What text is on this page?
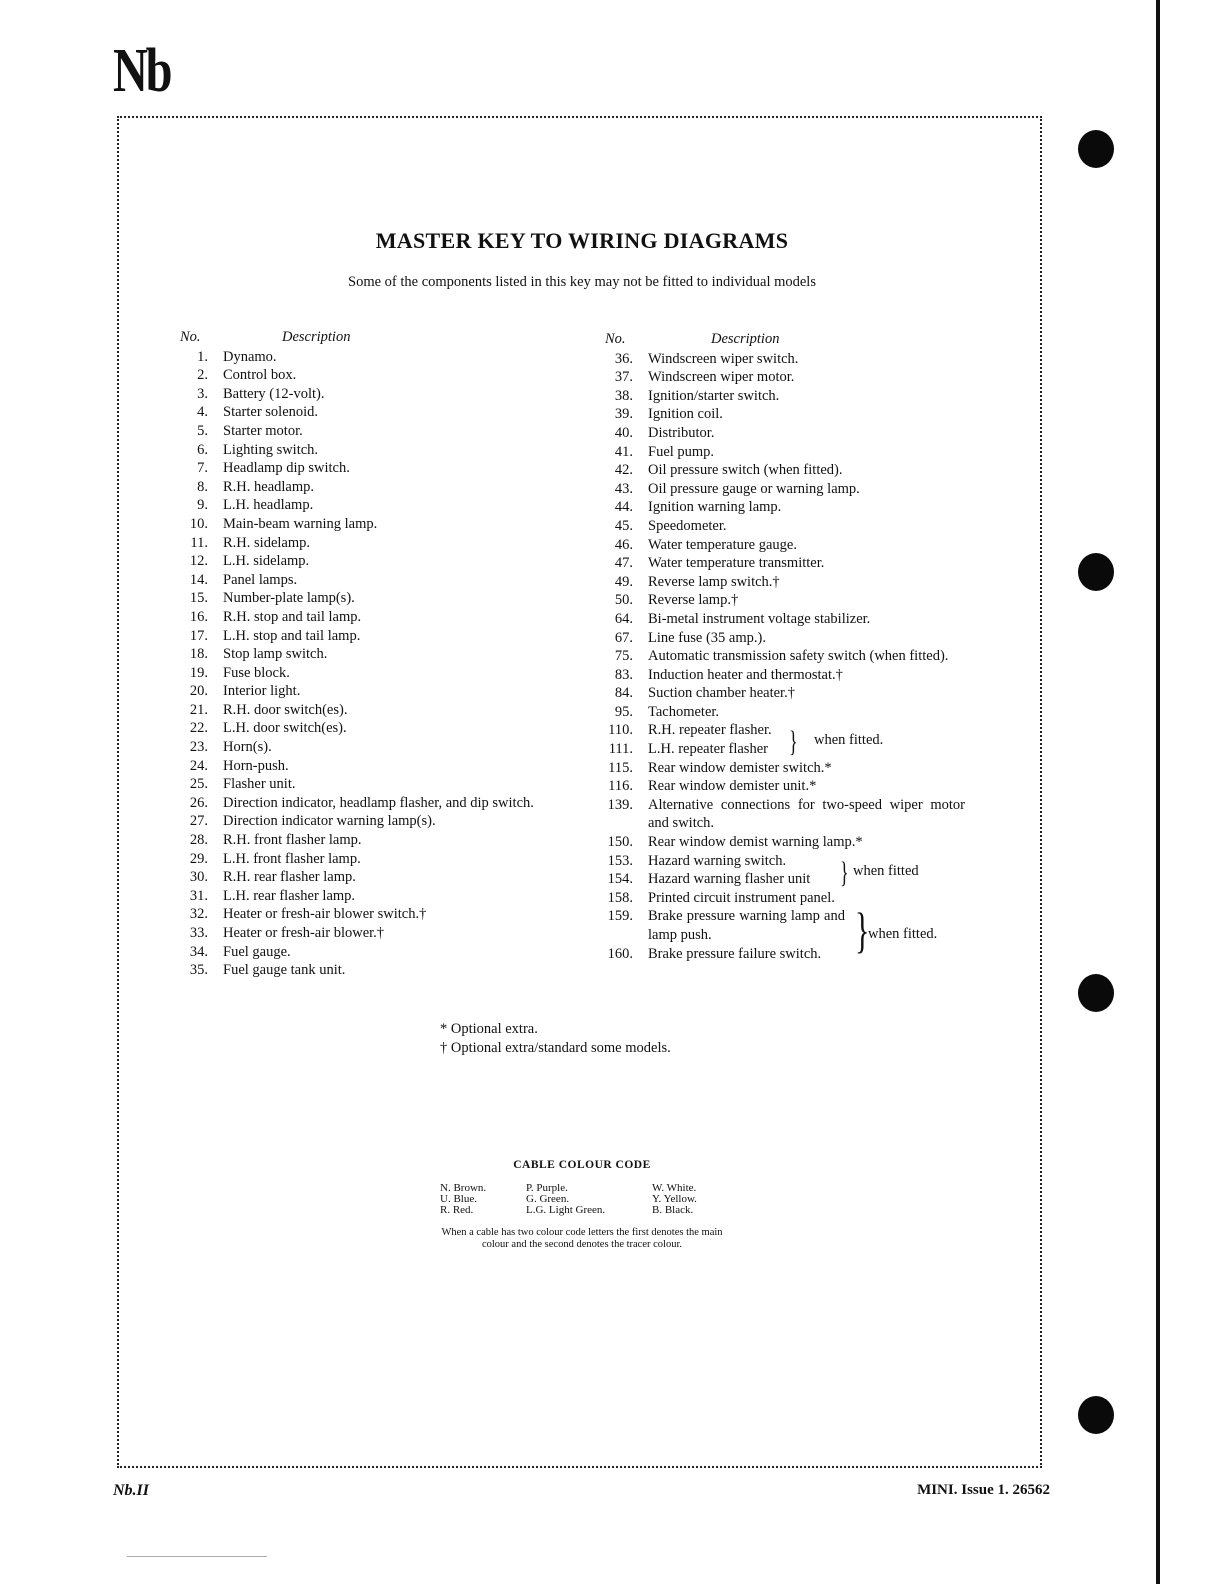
Nb
MASTER KEY TO WIRING DIAGRAMS
Some of the components listed in this key may not be fitted to individual models
No.	Description
1.	Dynamo.
2.	Control box.
3.	Battery (12-volt).
4.	Starter solenoid.
5.	Starter motor.
6.	Lighting switch.
7.	Headlamp dip switch.
8.	R.H. headlamp.
9.	L.H. headlamp.
10.	Main-beam warning lamp.
11.	R.H. sidelamp.
12.	L.H. sidelamp.
14.	Panel lamps.
15.	Number-plate lamp(s).
16.	R.H. stop and tail lamp.
17.	L.H. stop and tail lamp.
18.	Stop lamp switch.
19.	Fuse block.
20.	Interior light.
21.	R.H. door switch(es).
22.	L.H. door switch(es).
23.	Horn(s).
24.	Horn-push.
25.	Flasher unit.
26.	Direction indicator, headlamp flasher, and dip switch.
27.	Direction indicator warning lamp(s).
28.	R.H. front flasher lamp.
29.	L.H. front flasher lamp.
30.	R.H. rear flasher lamp.
31.	L.H. rear flasher lamp.
32.	Heater or fresh-air blower switch.†
33.	Heater or fresh-air blower.†
34.	Fuel gauge.
35.	Fuel gauge tank unit.
No.	Description
36.	Windscreen wiper switch.
37.	Windscreen wiper motor.
38.	Ignition/starter switch.
39.	Ignition coil.
40.	Distributor.
41.	Fuel pump.
42.	Oil pressure switch (when fitted).
43.	Oil pressure gauge or warning lamp.
44.	Ignition warning lamp.
45.	Speedometer.
46.	Water temperature gauge.
47.	Water temperature transmitter.
49.	Reverse lamp switch.†
50.	Reverse lamp.†
64.	Bi-metal instrument voltage stabilizer.
67.	Line fuse (35 amp.).
75.	Automatic transmission safety switch (when fitted).
83.	Induction heater and thermostat.†
84.	Suction chamber heater.†
95.	Tachometer.
110.	R.H. repeater flasher.
111.	L.H. repeater flasher } when fitted.
115.	Rear window demister switch.*
116.	Rear window demister unit.*
139.	Alternative connections for two-speed wiper motor and switch.
150.	Rear window demist warning lamp.*
153.	Hazard warning switch.
154.	Hazard warning flasher unit } when fitted
158.	Printed circuit instrument panel.
159.	Brake pressure warning lamp and lamp push.
160.	Brake pressure failure switch. }
when fitted.
* Optional extra.
† Optional extra/standard some models.
CABLE COLOUR CODE
N. Brown.	P. Purple.	W. White.
U. Blue.	G. Green.	Y. Yellow.
R. Red.	L.G. Light Green.	B. Black.
When a cable has two colour code letters the first denotes the main
colour and the second denotes the tracer colour.
Nb.II	MINI. Issue 1. 26562
